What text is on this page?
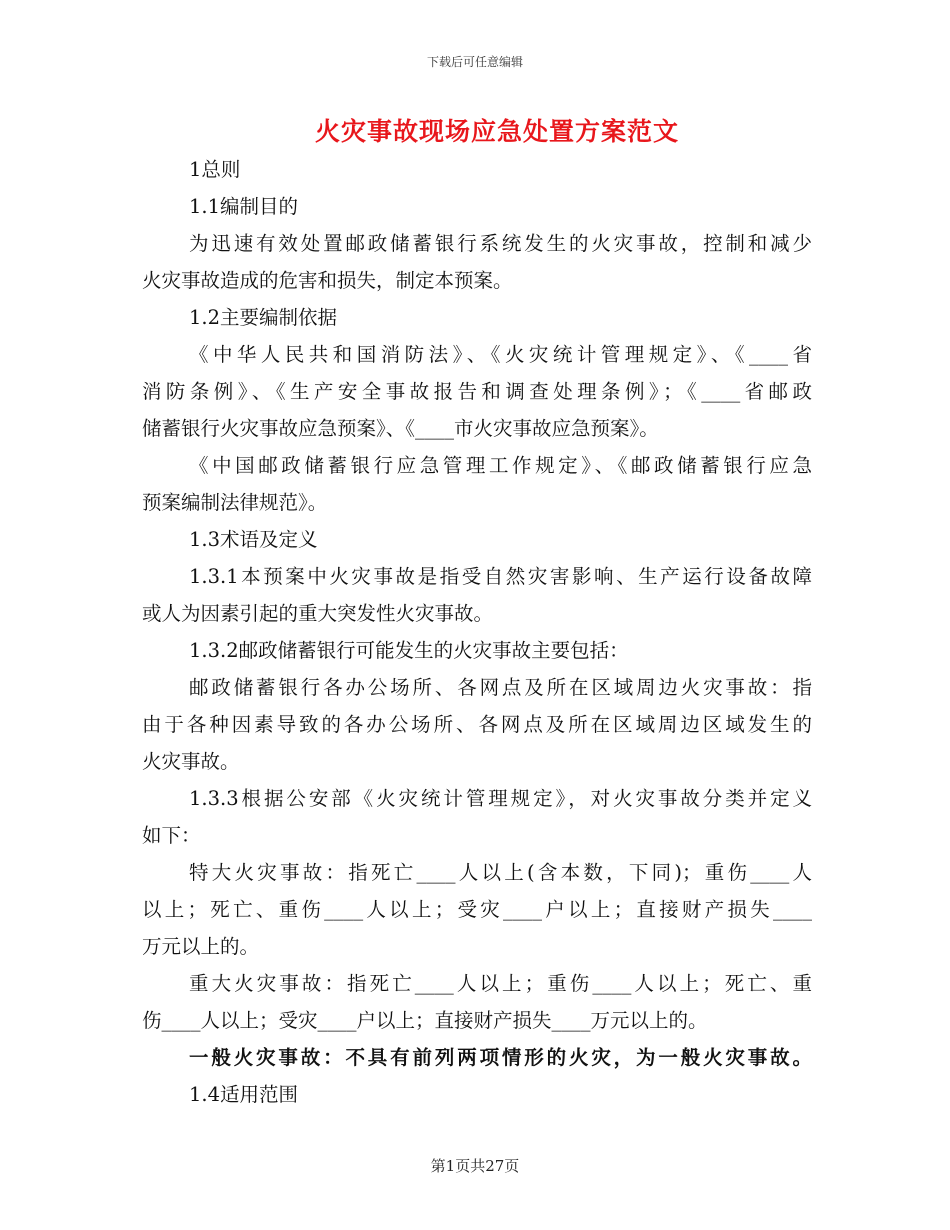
下载后可任意编辑
火灾事故现场应急处置方案范文
1总则
1.1编制目的
为迅速有效处置邮政储蓄银行系统发生的火灾事故，控制和减少
火灾事故造成的危害和损失，制定本预案。
1.2主要编制依据
《中华人民共和国消防法》、《火灾统计管理规定》、《____省
消防条例》、《生产安全事故报告和调查处理条例》；《____省邮政
储蓄银行火灾事故应急预案》、《____市火灾事故应急预案》。
《中国邮政储蓄银行应急管理工作规定》、《邮政储蓄银行应急
预案编制法律规范》。
1.3术语及定义
1.3.1本预案中火灾事故是指受自然灾害影响、生产运行设备故障
或人为因素引起的重大突发性火灾事故。
1.3.2邮政储蓄银行可能发生的火灾事故主要包括：
邮政储蓄银行各办公场所、各网点及所在区域周边火灾事故：指
由于各种因素导致的各办公场所、各网点及所在区域周边区域发生的
火灾事故。
1.3.3根据公安部《火灾统计管理规定》，对火灾事故分类并定义
如下：
特大火灾事故：指死亡____人以上(含本数，下同)；重伤____人
以上；死亡、重伤____人以上；受灾____户以上；直接财产损失____
万元以上的。
重大火灾事故：指死亡____人以上；重伤____人以上；死亡、重
伤____人以上；受灾____户以上；直接财产损失____万元以上的。
一般火灾事故：不具有前列两项情形的火灾，为一般火灾事故。
1.4适用范围
第1页共27页
